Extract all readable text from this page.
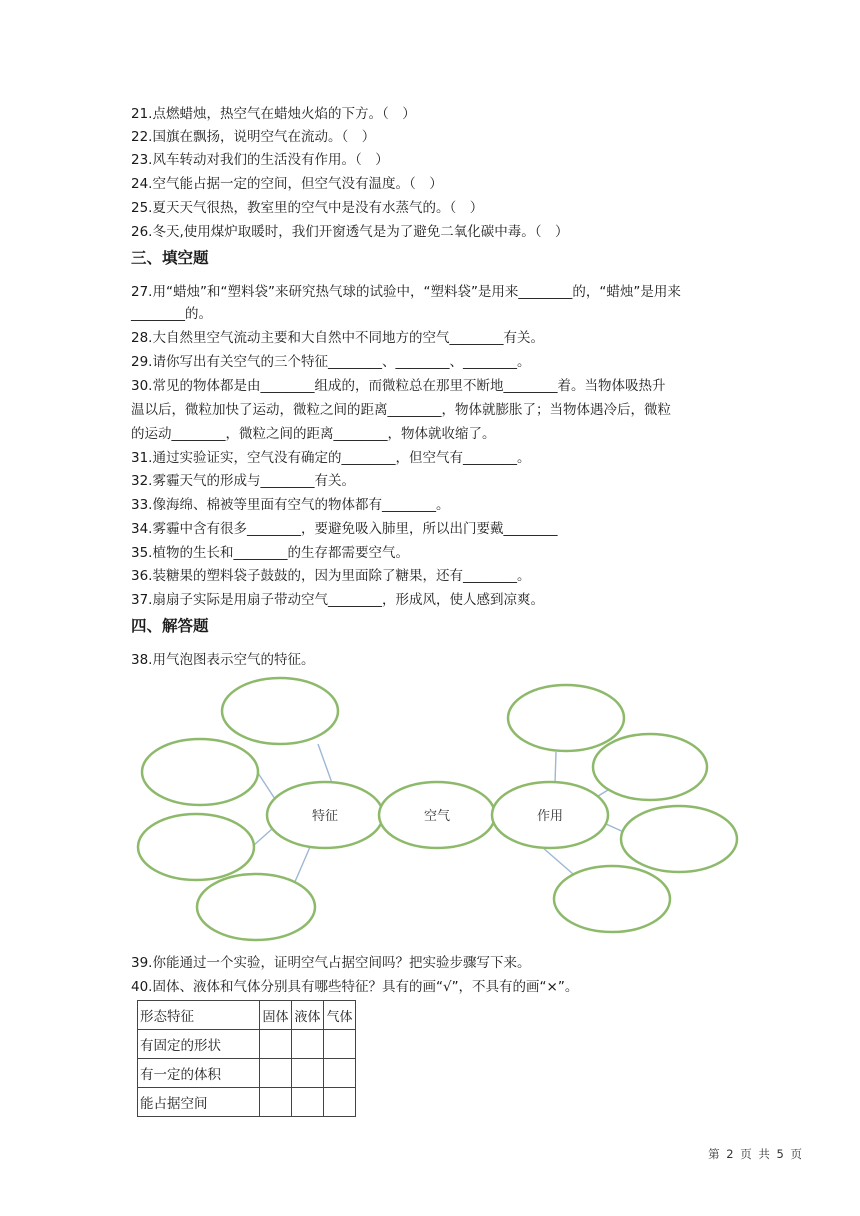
21.点燃蜡烛，热空气在蜡烛火焰的下方。（　）
22.国旗在飘扬，说明空气在流动。（　）
23.风车转动对我们的生活没有作用。（　）
24.空气能占据一定的空间，但空气没有温度。（　）
25.夏天天气很热，教室里的空气中是没有水蒸气的。（　）
26.冬天,使用煤炉取暖时，我们开窗透气是为了避免二氧化碳中毒。（　）
三、填空题
27.用“蜡烛”和“塑料袋”来研究热气球的试验中，“塑料袋”是用来________的，“蜡烛”是用来
________的。
28.大自然里空气流动主要和大自然中不同地方的空气________有关。
29.请你写出有关空气的三个特征________、________、________。
30.常见的物体都是由________组成的，而微粒总在那里不断地________着。当物体吸热升
温以后，微粒加快了运动，微粒之间的距离________，物体就膨胀了；当物体遇冷后，微粒
的运动________，微粒之间的距离________，物体就收缩了。
31.通过实验证实，空气没有确定的________，但空气有________。
32.雾霾天气的形成与________有关。
33.像海绵、棉被等里面有空气的物体都有________。
34.雾霾中含有很多________，要避免吸入肺里，所以出门要戴________
35.植物的生长和________的生存都需要空气。
36.装糖果的塑料袋子鼓鼓的，因为里面除了糖果，还有________。
37.扇扇子实际是用扇子带动空气________，形成风，使人感到凉爽。
四、解答题
38.用气泡图表示空气的特征。
特征	空气	作用
39.你能通过一个实验，证明空气占据空间吗？把实验步骤写下来。
40.固体、液体和气体分别具有哪些特征？具有的画“√”，不具有的画“×”。
形态特征	固体	液体	气体
有固定的形状			
有一定的体积			
能占据空间			
第 2 页 共 5 页
